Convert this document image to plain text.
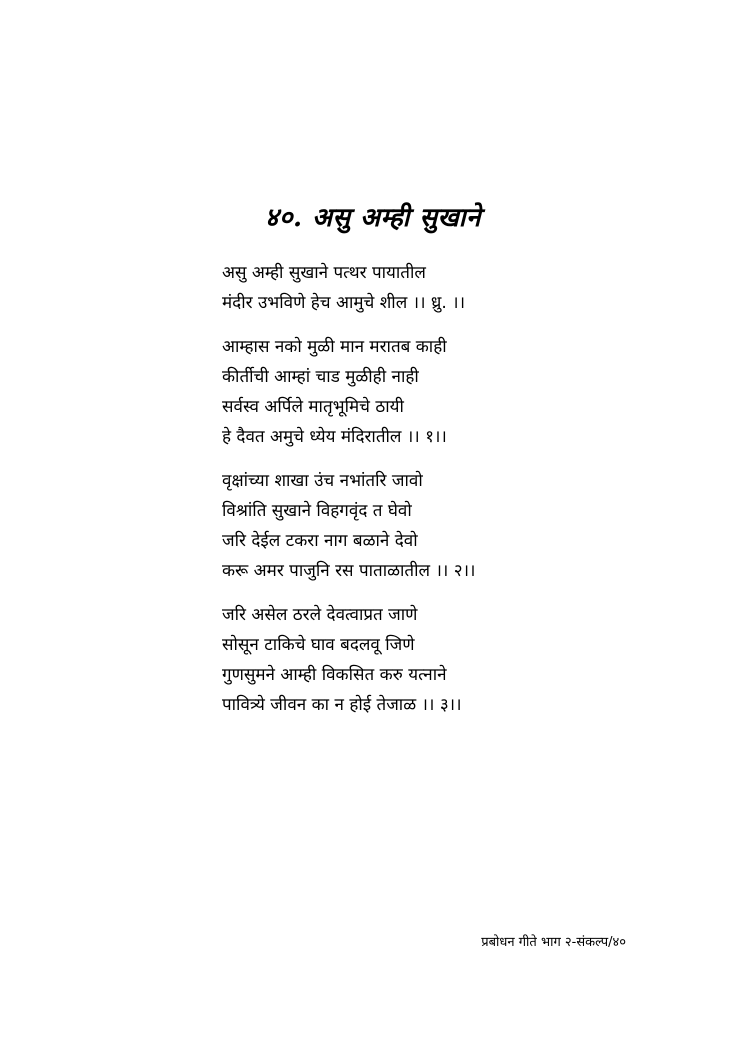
४०. असु अम्ही सुखाने
असु अम्ही सुखाने पत्थर पायातील
मंदीर उभविणे हेच आमुचे शील ।। ध्रु. ।।
आम्हास नको मुळी मान मरातब काही
कीर्तीची आम्हां चाड मुळीही नाही
सर्वस्व अर्पिले मातृभूमिचे ठायी
हे दैवत अमुचे ध्येय मंदिरातील ।। १।।
वृक्षांच्या शाखा उंच नभांतरि जावो
विश्रांति सुखाने विहगवृंद त घेवो
जरि देईल टकरा नाग बळाने देवो
करू अमर पाजुनि रस पाताळातील ।। २।।
जरि असेल ठरले देवत्वाप्रत जाणे
सोसून टाकिचे घाव बदलवू जिणे
गुणसुमने आम्ही विकसित करु यत्नाने
पावित्र्ये जीवन का न होई तेजाळ ।। ३।।
प्रबोधन गीते भाग २-संकल्प/४०
